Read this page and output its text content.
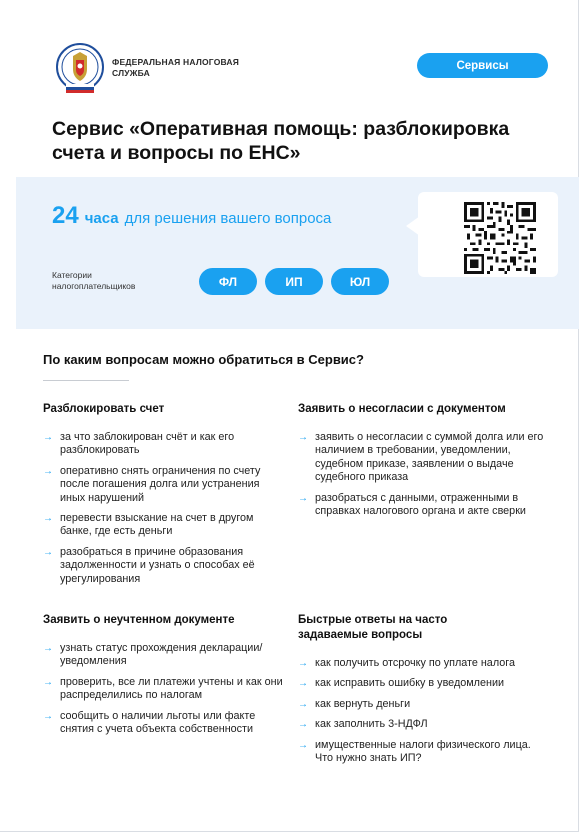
ФЕДЕРАЛЬНАЯ НАЛОГОВАЯ СЛУЖБА
Сервисы
Сервис «Оперативная помощь: разблокировка счета и вопросы по ЕНС»
24 часа для решения вашего вопроса
Категории налогоплательщиков	ФЛ	ИП	ЮЛ
По каким вопросам можно обратиться в Сервис?
Разблокировать счет
→ за что заблокирован счёт и как его разблокировать
→ оперативно снять ограничения по счету после погашения долга или устранения иных нарушений
→ перевести взыскание на счет в другом банке, где есть деньги
→ разобраться в причине образования задолженности и узнать о способах её урегулирования
Заявить о несогласии с документом
→ заявить о несогласии с суммой долга или его наличием в требовании, уведомлении, судебном приказе, заявлении о выдаче судебного приказа
→ разобраться с данными, отраженными в справках налогового органа и акте сверки
Заявить о неучтенном документе
→ узнать статус прохождения декларации/уведомления
→ проверить, все ли платежи учтены и как они распределились по налогам
→ сообщить о наличии льготы или факте снятия с учета объекта собственности
Быстрые ответы на часто задаваемые вопросы
→ как получить отсрочку по уплате налога
→ как исправить ошибку в уведомлении
→ как вернуть деньги
→ как заполнить 3-НДФЛ
→ имущественные налоги физического лица. Что нужно знать ИП?
